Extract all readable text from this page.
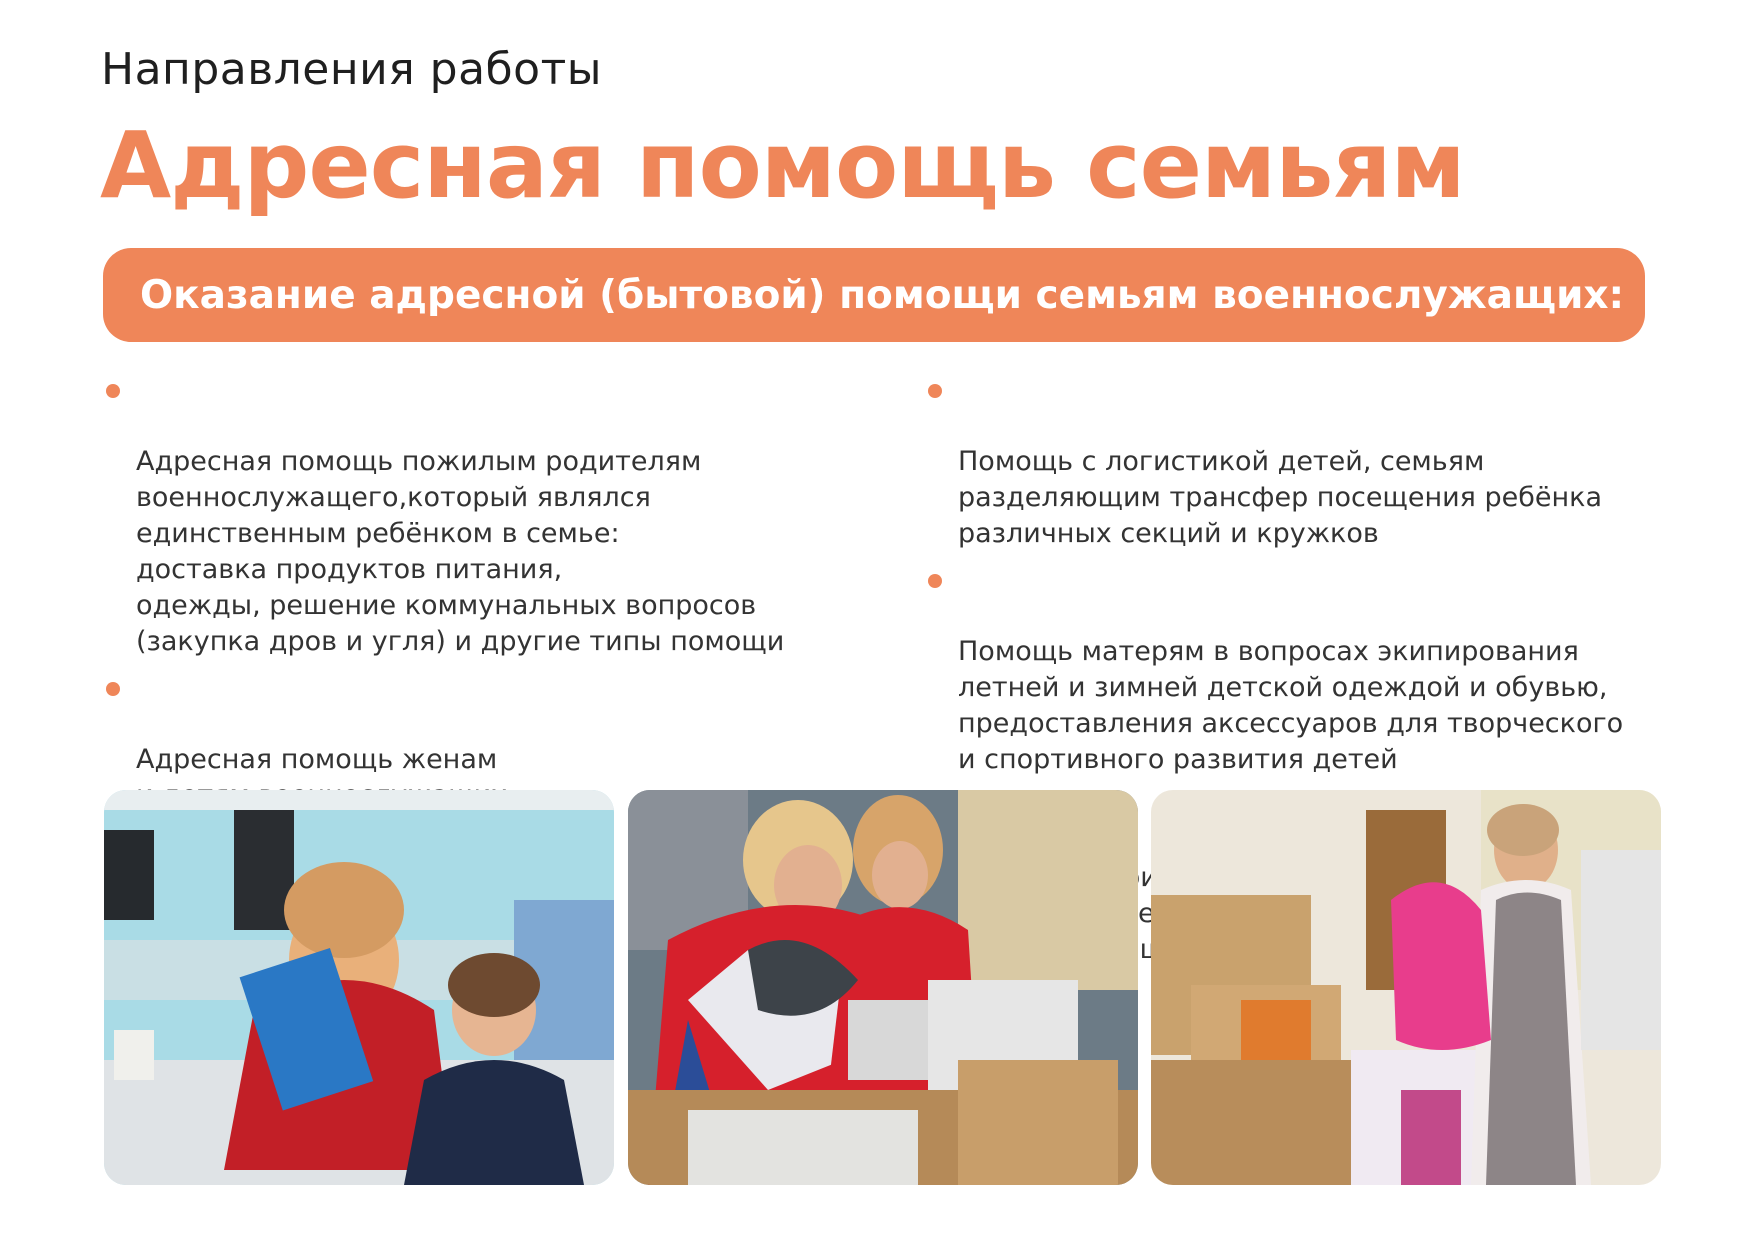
Направления работы
Адресная помощь семьям
Оказание адресной (бытовой) помощи семьям военнослужащих:

Адресная помощь пожилым родителям
военнослужащего,который являлся
единственным ребёнком в семье:
доставка продуктов питания,
одежды, решение коммунальных вопросов
(закупка дров и угля) и другие типы помощи

Адресная помощь женам

Помощь с логистикой детей, семьям
разделяющим трансфер посещения ребёнка
различных секций и кружков

Помощь матерям в вопросах экипирования
летней и зимней детской одеждой и обувью,
предоставления аксессуаров для творческого
и спортивного развития детей
